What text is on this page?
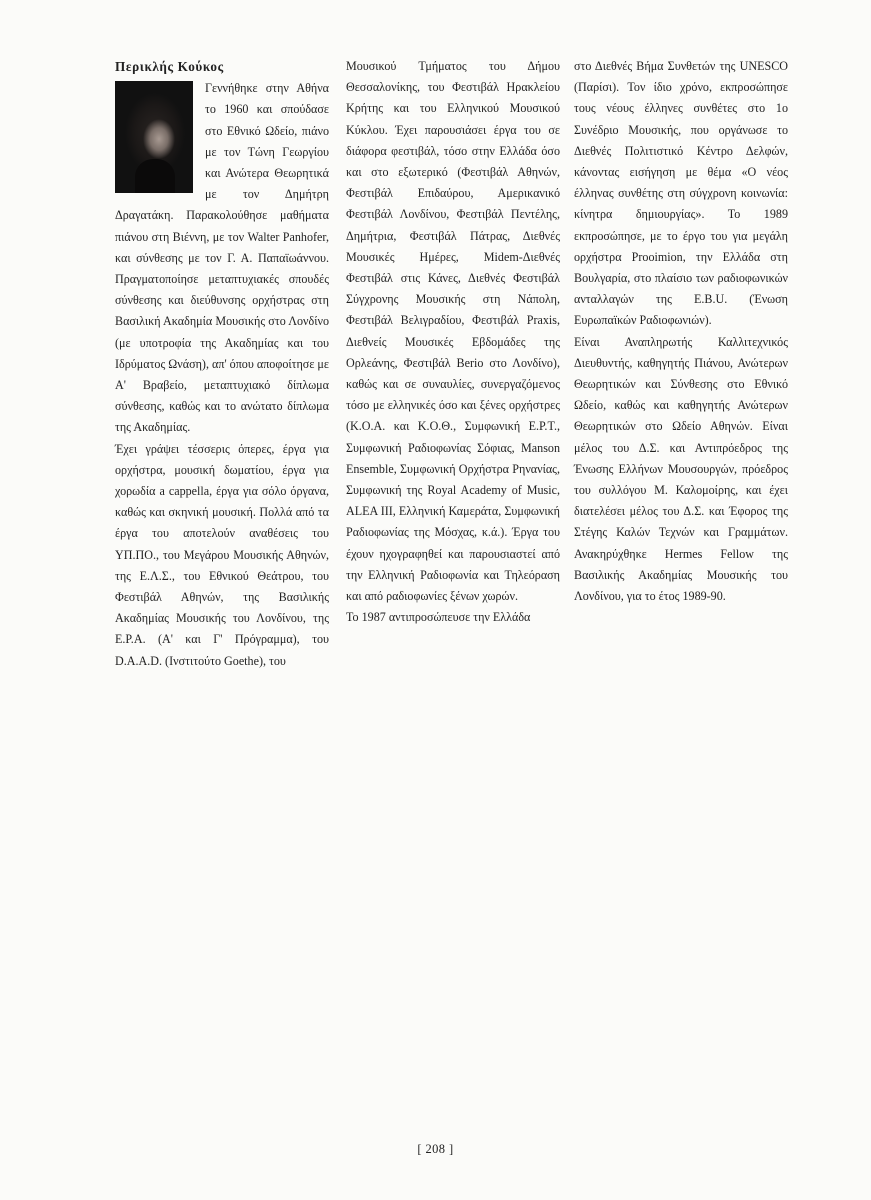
Περικλής Κούκος

Γεννήθηκε στην Αθήνα το 1960 και σπούδασε στο Εθνικό Ωδείο, πιάνο με τον Τώνη Γεωργίου και Ανώτερα Θεωρητικά με τον Δημήτρη Δραγατάκη. Παρακολούθησε μαθήματα πιάνου στη Βιέννη, με τον Walter Panhofer, και σύνθεσης με τον Γ. Α. Παπαϊωάννου. Πραγματοποίησε μεταπτυχιακές σπουδές σύνθεσης και διεύθυνσης ορχήστρας στη Βασιλική Ακαδημία Μουσικής στο Λονδίνο (με υποτροφία της Ακαδημίας και του Ιδρύματος Ωνάση), απ' όπου αποφοίτησε με Α' Βραβείο, μεταπτυχιακό δίπλωμα σύνθεσης, καθώς και το ανώτατο δίπλωμα της Ακαδημίας.

Έχει γράψει τέσσερις όπερες, έργα για ορχήστρα, μουσική δωματίου, έργα για χορωδία a cappella, έργα για σόλο όργανα, καθώς και σκηνική μουσική. Πολλά από τα έργα του αποτελούν αναθέσεις του ΥΠ.ΠΟ., του Μεγάρου Μουσικής Αθηνών, της Ε.Λ.Σ., του Εθνικού Θεάτρου, του Φεστιβάλ Αθηνών, της Βασιλικής Ακαδημίας Μουσικής του Λονδίνου, της Ε.Ρ.Α. (Α' και Γ' Πρόγραμμα), του D.A.A.D. (Ινστιτούτο Goethe), του

Μουσικού Τμήματος του Δήμου Θεσσαλονίκης, του Φεστιβάλ Ηρακλείου Κρήτης και του Ελληνικού Μουσικού Κύκλου. Έχει παρουσιάσει έργα του σε διάφορα φεστιβάλ, τόσο στην Ελλάδα όσο και στο εξωτερικό (Φεστιβάλ Αθηνών, Φεστιβάλ Επιδαύρου, Αμερικανικό Φεστιβάλ Λονδίνου, Φεστιβάλ Πεντέλης, Δημήτρια, Φεστιβάλ Πάτρας, Διεθνές Μουσικές Ημέρες, Midem-Διεθνές Φεστιβάλ στις Κάνες, Διεθνές Φεστιβάλ Σύγχρονης Μουσικής στη Νάπολη, Φεστιβάλ Βελιγραδίου, Φεστιβάλ Praxis, Διεθνείς Μουσικές Εβδομάδες της Ορλεάνης, Φεστιβάλ Berio στο Λονδίνο), καθώς και σε συναυλίες, συνεργαζόμενος τόσο με ελληνικές όσο και ξένες ορχήστρες (Κ.Ο.Α. και Κ.Ο.Θ., Συμφωνική Ε.Ρ.Τ., Συμφωνική Ραδιοφωνίας Σόφιας, Manson Ensemble, Συμφωνική Ορχήστρα Ρηνανίας, Συμφωνική της Royal Academy of Music, ALEA III, Ελληνική Καμεράτα, Συμφωνική Ραδιοφωνίας της Μόσχας, κ.ά.). Έργα του έχουν ηχογραφηθεί και παρουσιαστεί από την Ελληνική Ραδιοφωνία και Τηλεόραση και από ραδιοφωνίες ξένων χωρών.

Το 1987 αντιπροσώπευσε την Ελλάδα

στο Διεθνές Βήμα Συνθετών της UNESCO (Παρίσι). Τον ίδιο χρόνο, εκπροσώπησε τους νέους έλληνες συνθέτες στο 1ο Συνέδριο Μουσικής, που οργάνωσε το Διεθνές Πολιτιστικό Κέντρο Δελφών, κάνοντας εισήγηση με θέμα «Ο νέος έλληνας συνθέτης στη σύγχρονη κοινωνία: κίνητρα δημιουργίας». Το 1989 εκπροσώπησε, με το έργο του για μεγάλη ορχήστρα Prooimion, την Ελλάδα στη Βουλγαρία, στο πλαίσιο των ραδιοφωνικών ανταλλαγών της E.B.U. (Ένωση Ευρωπαϊκών Ραδιοφωνιών).

Είναι Αναπληρωτής Καλλιτεχνικός Διευθυντής, καθηγητής Πιάνου, Ανώτερων Θεωρητικών και Σύνθεσης στο Εθνικό Ωδείο, καθώς και καθηγητής Ανώτερων Θεωρητικών στο Ωδείο Αθηνών. Είναι μέλος του Δ.Σ. και Αντιπρόεδρος της Ένωσης Ελλήνων Μουσουργών, πρόεδρος του συλλόγου Μ. Καλομοίρης, και έχει διατελέσει μέλος του Δ.Σ. και Έφορος της Στέγης Καλών Τεχνών και Γραμμάτων. Ανακηρύχθηκε Hermes Fellow της Βασιλικής Ακαδημίας Μουσικής του Λονδίνου, για το έτος 1989-90.

[ 208 ]
